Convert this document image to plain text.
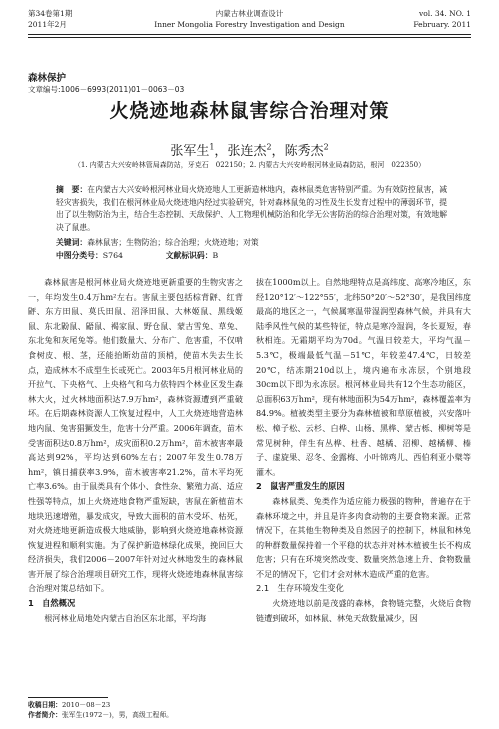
第34卷第1期
2011年2月
内蒙古林业调查设计
Inner Mongolia Forestry Investigation and Design
vol. 34. NO. 1
February. 2011
森林保护
文章编号:1006－6993(2011)01－0063－03
火烧迹地森林鼠害综合治理对策
张军生$^1$，张连杰$^2$，陈秀杰$^2$
（1. 内蒙古大兴安岭林管局森防站，牙克石　022150；2. 内蒙古大兴安岭根河林业局森防站，根河　022350）
摘　要：在内蒙古大兴安岭根河林业局火烧迹地人工更新造林地内，森林鼠类危害特别严重。为有效防控鼠害，减轻灾害损失，我们在根河林业局火烧迹地内经过实验研究，针对森林鼠兔的习性及生长发育过程中的薄弱环节，提出了以生物防治为主，结合生态控制、天敌保护、人工物理机械防治和化学无公害防治的综合治理对策，有效地解决了鼠患。
关键词：森林鼠害；生物防治；综合治理；火烧迹地；对策
中图分类号：S764	文献标识码：B

森林鼠害是根河林业局火烧迹地更新重要的生物灾害之一，年均发生0.4万hm²左右。害鼠主要包括棕背䶄、红背䶄、东方田鼠、莫氏田鼠、沼泽田鼠、大林姬鼠、黑线姬鼠、东北鼢鼠、鼯鼠、褐家鼠、野仓鼠、蒙古雪兔、草兔、东北兔和灰尾兔等。他们数量大、分布广、危害重，不仅啃食树皮、根、茎，还能抬断幼苗的顶梢，使苗木失去生长点，造成林木不成型生长或死亡。2003年5月根河林业局的开拉气、下央格气、上央格气和乌力依特四个林业区发生森林大火，过火林地面积达7.9万hm²，森林资源遭到严重破坏。在后期森林资源人工恢复过程中，人工火烧迹地营造林地内鼠、兔害猖獗发生，危害十分严重。2006年调查，苗木受害面积达0.8万hm²，成灾面积0.2万hm²，苗木被害率最高达到92%，平均达到60%左右；2007年发生0.78万hm²，镇日捕获率3.9%，苗木被害率21.2%，苗木平均死亡率3.6%。由于鼠类具有个体小、食性杂、繁殖力高、适应性强等特点，加上火烧迹地食物严重短缺，害鼠在新植苗木地块迅速增殖，暴发成灾，导致大面积的苗木受坏、枯死，对火烧迹地更新造成极大地威胁，影响到火烧迹地森林资源恢复进程和顺利实施。为了保护新造林绿化成果，挽回巨大经济损失，我们2006－2007年针对过火林地发生的森林鼠害开展了综合治理项目研究工作，现将火烧迹地森林鼠害综合治理对策总结如下。

1　自然概况

根河林业局地处内蒙古自治区东北部，平均海

拔在1000m以上。自然地理特点是高纬度、高寒冷地区，东经120°12′～122°55′，北纬50°20′～52°30′，是我国纬度最高的地区之一，气候属寒温带湿润型森林气候，并具有大陆季风性气候的某些特征，特点是寒冷湿润，冬长夏短，春秋相连。无霜期平均为70d。气温日较差大，平均气温－5.3℃，极端最低气温－51℃，年较差47.4℃，日较差20℃，结冻期210d以上，境内遍布永冻层，个别地段30cm以下即为永冻层。根河林业局共有12个生态功能区，总面积63万hm²，现有林地面积为54万hm²，森林覆盖率为84.9%。植被类型主要分为森林植被和草原植被，兴安落叶松、樟子松、云杉、白桦、山杨、黑桦、蒙古栎、柳树等是常见树种，伴生有丛桦、杜香、越橘、沼柳、越橘柳、榛子、虚旋果、忍冬、金露梅、小叶锦鸡儿、西伯利亚小檗等灌木。

2　鼠害严重发生的原因

森林鼠类、兔类作为适应能力极强的物种，普遍存在于森林环境之中，并且是许多肉食动物的主要食物来源。正常情况下，在其他生物种类及自然因子的控制下，林鼠和林兔的种群数量保持着一个平稳的状态并对林木植被生长不构成危害；只有在环境突然改变、数量突然急速上升、食物数量不足的情况下，它们才会对林木造成严重的危害。

2.1　生存环境发生变化

火烧迹地以前是茂盛的森林，食物链完整，火烧后食物链遭到破坏，如林鼠、林兔天敌数量减少，因

收稿日期：2010－08－23
作者简介：张军生(1972－)，男，高级工程师。
